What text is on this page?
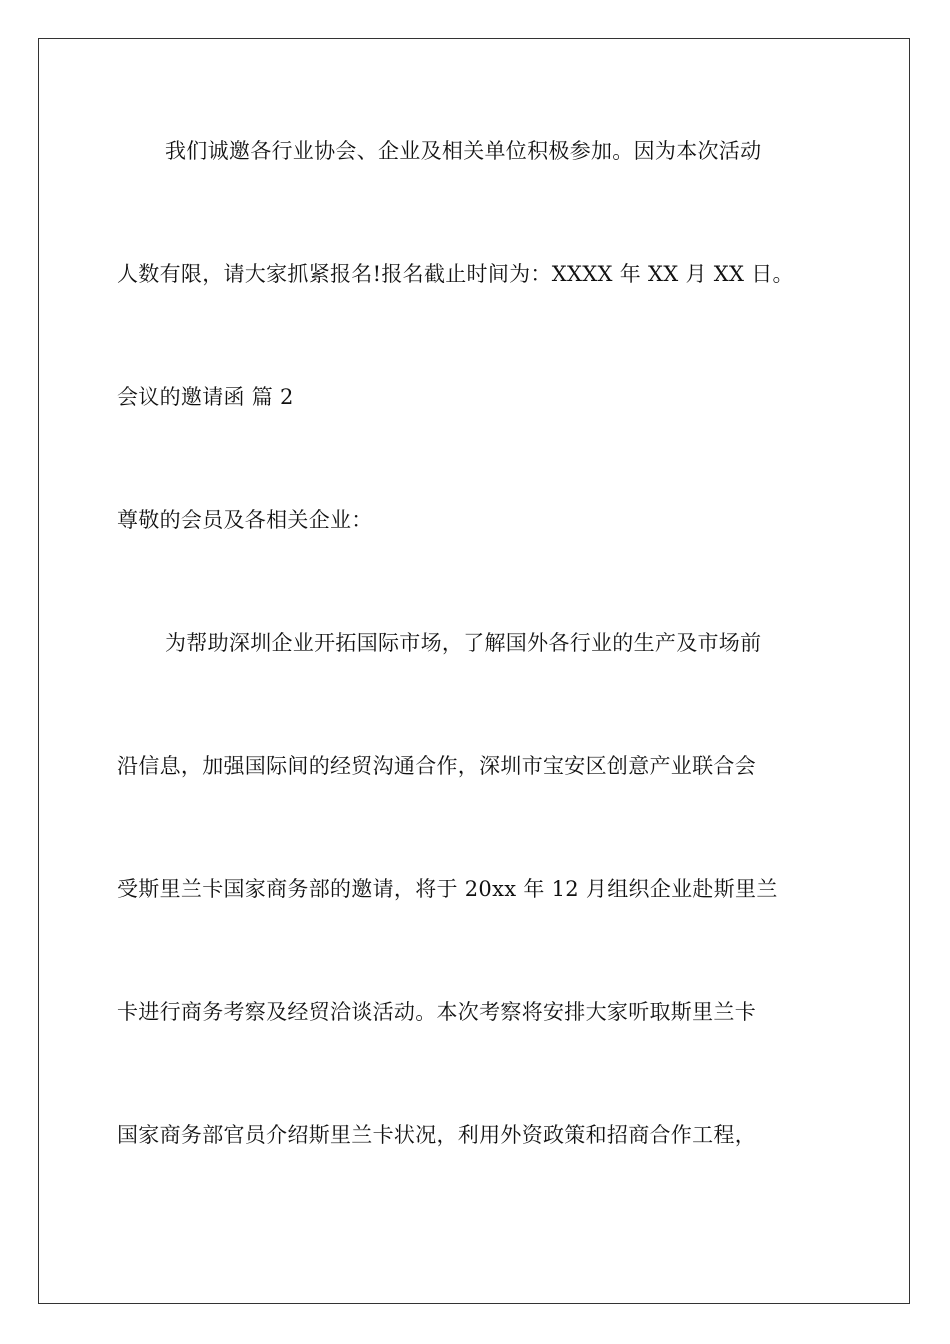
我们诚邀各行业协会、企业及相关单位积极参加。因为本次活动
人数有限，请大家抓紧报名!报名截止时间为：XXXX 年 XX 月 XX 日。
会议的邀请函 篇 2
尊敬的会员及各相关企业：
为帮助深圳企业开拓国际市场，了解国外各行业的生产及市场前
沿信息，加强国际间的经贸沟通合作，深圳市宝安区创意产业联合会
受斯里兰卡国家商务部的邀请，将于 20xx 年 12 月组织企业赴斯里兰
卡进行商务考察及经贸洽谈活动。本次考察将安排大家听取斯里兰卡
国家商务部官员介绍斯里兰卡状况，利用外资政策和招商合作工程，
